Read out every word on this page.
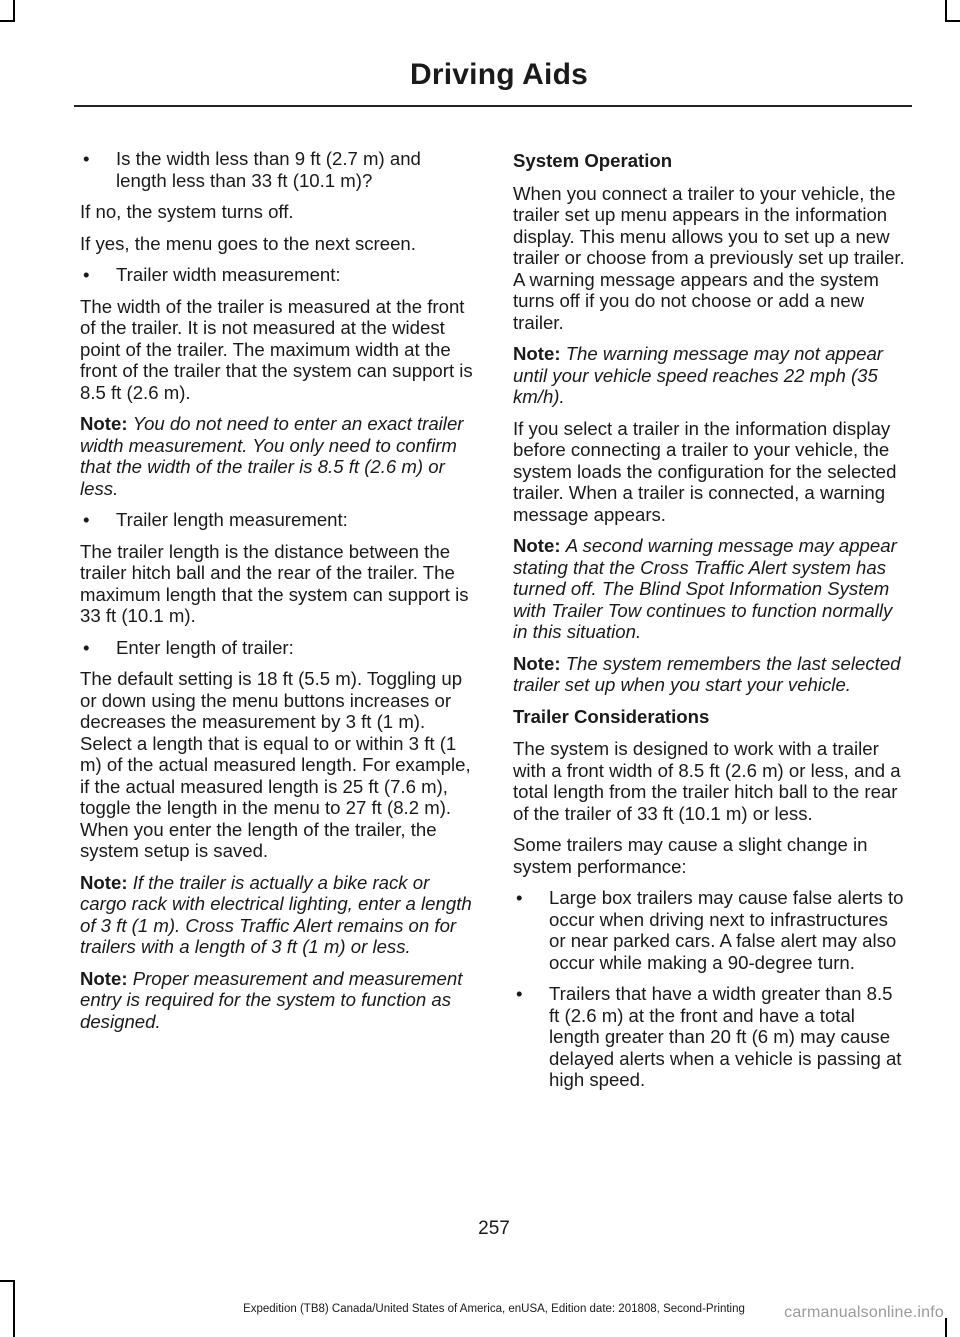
Driving Aids
• Is the width less than 9 ft (2.7 m) and length less than 33 ft (10.1 m)?

If no, the system turns off.

If yes, the menu goes to the next screen.

• Trailer width measurement:

The width of the trailer is measured at the front of the trailer. It is not measured at the widest point of the trailer. The maximum width at the front of the trailer that the system can support is 8.5 ft (2.6 m).

Note: You do not need to enter an exact trailer width measurement. You only need to confirm that the width of the trailer is 8.5 ft (2.6 m) or less.

• Trailer length measurement:

The trailer length is the distance between the trailer hitch ball and the rear of the trailer. The maximum length that the system can support is 33 ft (10.1 m).

• Enter length of trailer:

The default setting is 18 ft (5.5 m). Toggling up or down using the menu buttons increases or decreases the measurement by 3 ft (1 m). Select a length that is equal to or within 3 ft (1 m) of the actual measured length. For example, if the actual measured length is 25 ft (7.6 m), toggle the length in the menu to 27 ft (8.2 m). When you enter the length of the trailer, the system setup is saved.

Note: If the trailer is actually a bike rack or cargo rack with electrical lighting, enter a length of 3 ft (1 m). Cross Traffic Alert remains on for trailers with a length of 3 ft (1 m) or less.

Note: Proper measurement and measurement entry is required for the system to function as designed.

System Operation

When you connect a trailer to your vehicle, the trailer set up menu appears in the information display. This menu allows you to set up a new trailer or choose from a previously set up trailer. A warning message appears and the system turns off if you do not choose or add a new trailer.

Note: The warning message may not appear until your vehicle speed reaches 22 mph (35 km/h).

If you select a trailer in the information display before connecting a trailer to your vehicle, the system loads the configuration for the selected trailer. When a trailer is connected, a warning message appears.

Note: A second warning message may appear stating that the Cross Traffic Alert system has turned off. The Blind Spot Information System with Trailer Tow continues to function normally in this situation.

Note: The system remembers the last selected trailer set up when you start your vehicle.

Trailer Considerations

The system is designed to work with a trailer with a front width of 8.5 ft (2.6 m) or less, and a total length from the trailer hitch ball to the rear of the trailer of 33 ft (10.1 m) or less.

Some trailers may cause a slight change in system performance:

• Large box trailers may cause false alerts to occur when driving next to infrastructures or near parked cars. A false alert may also occur while making a 90-degree turn.
• Trailers that have a width greater than 8.5 ft (2.6 m) at the front and have a total length greater than 20 ft (6 m) may cause delayed alerts when a vehicle is passing at high speed.
257
Expedition (TB8) Canada/United States of America, enUSA, Edition date: 201808, Second-Printing	carmanualsonline.info
